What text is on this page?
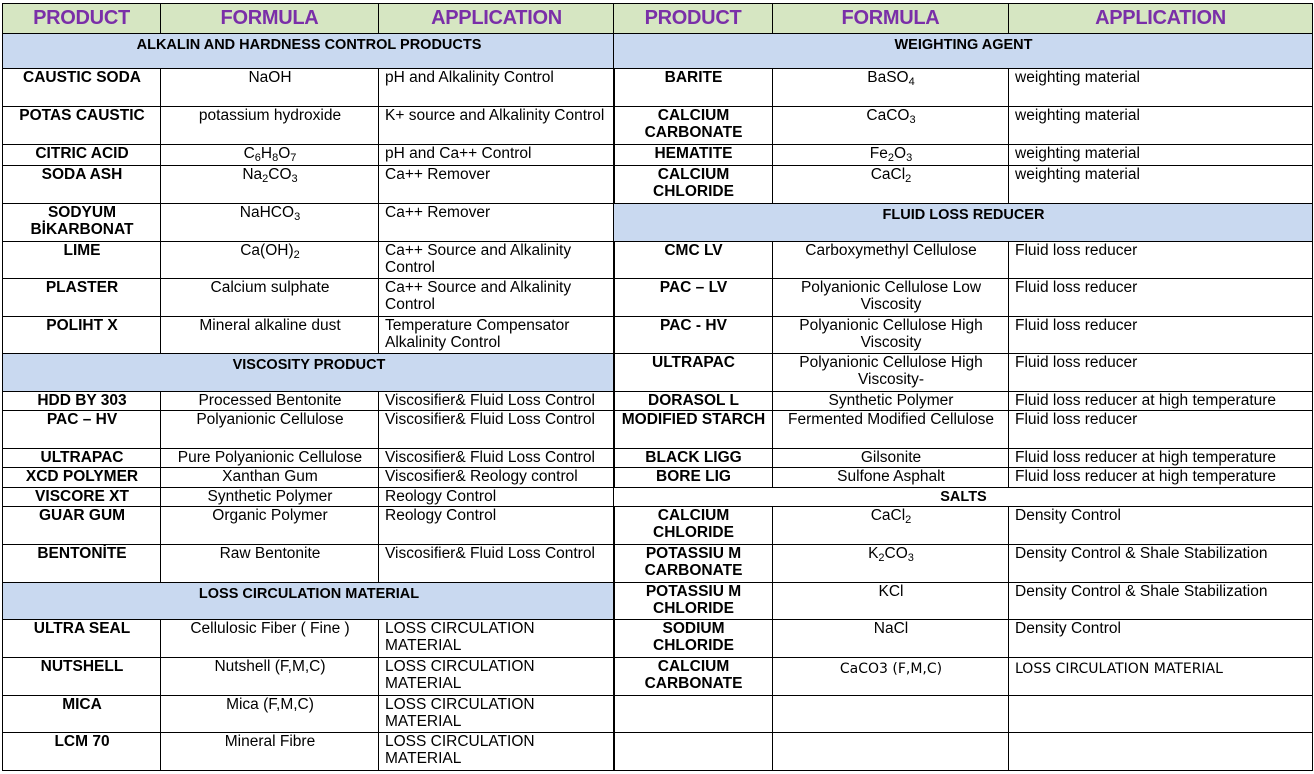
PRODUCT	FORMULA	APPLICATION
ALKALIN AND HARDNESS CONTROL PRODUCTS		
CAUSTIC SODA	NaOH	pH and Alkalinity Control
POTAS CAUSTIC	potassium hydroxide	K+ source and Alkalinity Control
CITRIC ACID	$C_6H_8O_7$	pH and Ca++ Control
SODA ASH	$Na_2CO_3$	Ca++ Remover
SODYUM BİKARBONAT	NaHCO$_3$	Ca++ Remover
LIME	$Ca(OH)_2$	Ca++ Source and Alkalinity Control
PLASTER	Calcium sulphate	Ca++ Source and Alkalinity Control
POLIHT X	Mineral alkaline dust	Temperature Compensator Alkalinity Control
VISCOSITY PRODUCT		
HDD BY 303	Processed Bentonite	Viscosifier& Fluid Loss Control
PAC – HV	Polyanionic Cellulose	Viscosifier& Fluid Loss Control
ULTRAPAC	Pure Polyanionic Cellulose	Viscosifier& Fluid Loss Control
XCD POLYMER	Xanthan Gum	Viscosifier& Reology control
VISCORE XT	Synthetic Polymer	Reology Control
GUAR GUM	Organic Polymer	Reology Control
BENTONİTE	Raw Bentonite	Viscosifier& Fluid Loss Control
LOSS CIRCULATION MATERIAL		
ULTRA SEAL	Cellulosic Fiber ( Fine )	LOSS CIRCULATION MATERIAL
NUTSHELL	Nutshell (F,M,C)	LOSS CIRCULATION MATERIAL
MICA	Mica (F,M,C)	LOSS CIRCULATION MATERIAL
LCM 70	Mineral Fibre	LOSS CIRCULATION MATERIAL
PRODUCT	FORMULA	APPLICATION
WEIGHTING AGENT		
BARITE	BaSO$_4$	weighting material
CALCIUM CARBONATE	CaCO$_3$	weighting material
HEMATITE	$Fe_2O_3$	weighting material
CALCIUM CHLORIDE	CaCl$_2$	weighting material
FLUID LOSS REDUCER		
CMC LV	Carboxymethyl Cellulose	Fluid loss reducer
PAC – LV	Polyanionic Cellulose Low Viscosity	Fluid loss reducer
PAC - HV	Polyanionic Cellulose High Viscosity	Fluid loss reducer
ULTRAPAC	Polyanionic Cellulose High Viscosity-	Fluid loss reducer
DORASOL L	Synthetic Polymer	Fluid loss reducer at high temperature
MODIFIED STARCH	Fermented Modified Cellulose	Fluid loss reducer
BLACK LIGG	Gilsonite	Fluid loss reducer at high temperature
BORE LIG	Sulfone Asphalt	Fluid loss reducer at high temperature
SALTS		
CALCIUM CHLORIDE	CaCl$_2$	Density Control
POTASSIU M CARBONATE	$K_2CO_3$	Density Control & Shale Stabilization
POTASSIU M CHLORIDE	KCl	Density Control & Shale Stabilization
SODIUM CHLORIDE	NaCl	Density Control
CALCIUM CARBONATE	CaCO3 (F,M,C)	LOSS CIRCULATION MATERIAL
